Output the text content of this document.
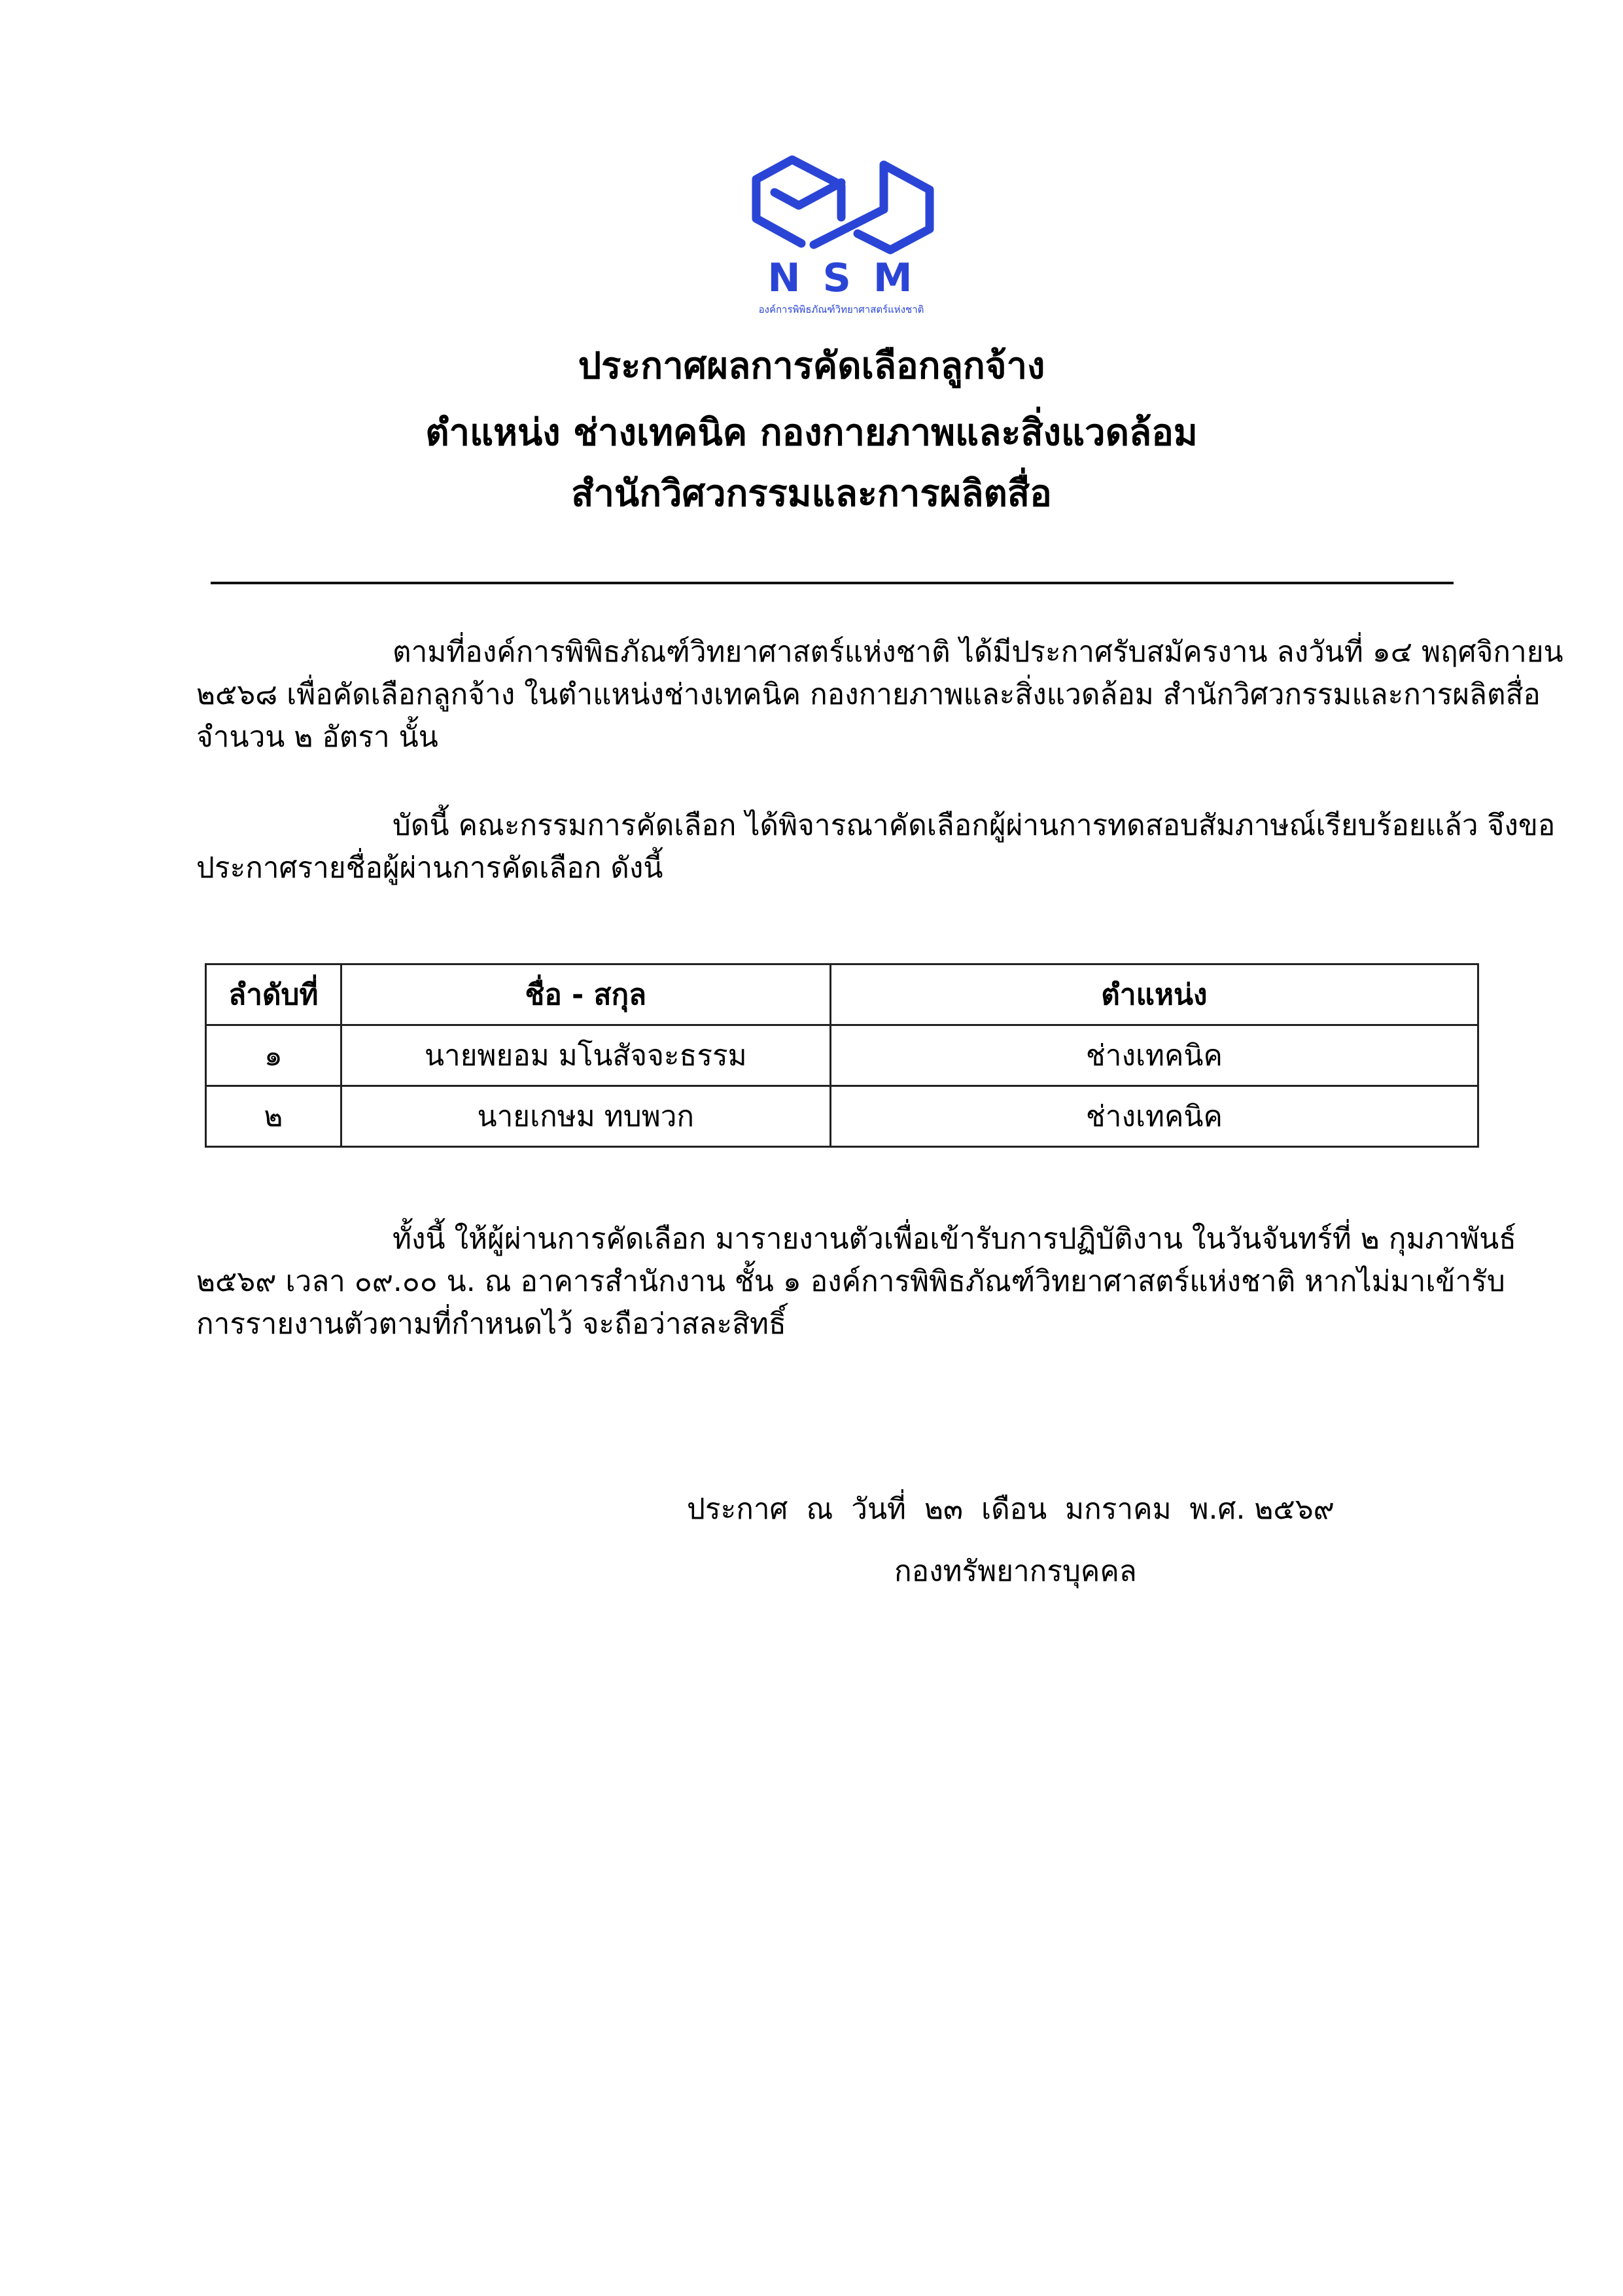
NSM
องค์การพิพิธภัณฑ์วิทยาศาสตร์แห่งชาติ
ประกาศผลการคัดเลือกลูกจ้าง
ตำแหน่ง ช่างเทคนิค กองกายภาพและสิ่งแวดล้อม
สำนักวิศวกรรมและการผลิตสื่อ
ตามที่องค์การพิพิธภัณฑ์วิทยาศาสตร์แห่งชาติ ได้มีประกาศรับสมัครงาน ลงวันที่ ๑๔ พฤศจิกายน
๒๕๖๘ เพื่อคัดเลือกลูกจ้าง ในตำแหน่งช่างเทคนิค กองกายภาพและสิ่งแวดล้อม สำนักวิศวกรรมและการผลิตสื่อ
จำนวน ๒ อัตรา นั้น
บัดนี้ คณะกรรมการคัดเลือก ได้พิจารณาคัดเลือกผู้ผ่านการทดสอบสัมภาษณ์เรียบร้อยแล้ว จึงขอ
ประกาศรายชื่อผู้ผ่านการคัดเลือก ดังนี้
ลำดับที่	ชื่อ - สกุล	ตำแหน่ง
๑	นายพยอม มโนสัจจะธรรม	ช่างเทคนิค
๒	นายเกษม ทบพวก	ช่างเทคนิค
ทั้งนี้ ให้ผู้ผ่านการคัดเลือก มารายงานตัวเพื่อเข้ารับการปฏิบัติงาน ในวันจันทร์ที่ ๒ กุมภาพันธ์
๒๕๖๙ เวลา ๐๙.๐๐ น. ณ อาคารสำนักงาน ชั้น ๑ องค์การพิพิธภัณฑ์วิทยาศาสตร์แห่งชาติ หากไม่มาเข้ารับ
การรายงานตัวตามที่กำหนดไว้ จะถือว่าสละสิทธิ์
ประกาศ  ณ  วันที่  ๒๓  เดือน  มกราคม  พ.ศ. ๒๕๖๙
กองทรัพยากรบุคคล
